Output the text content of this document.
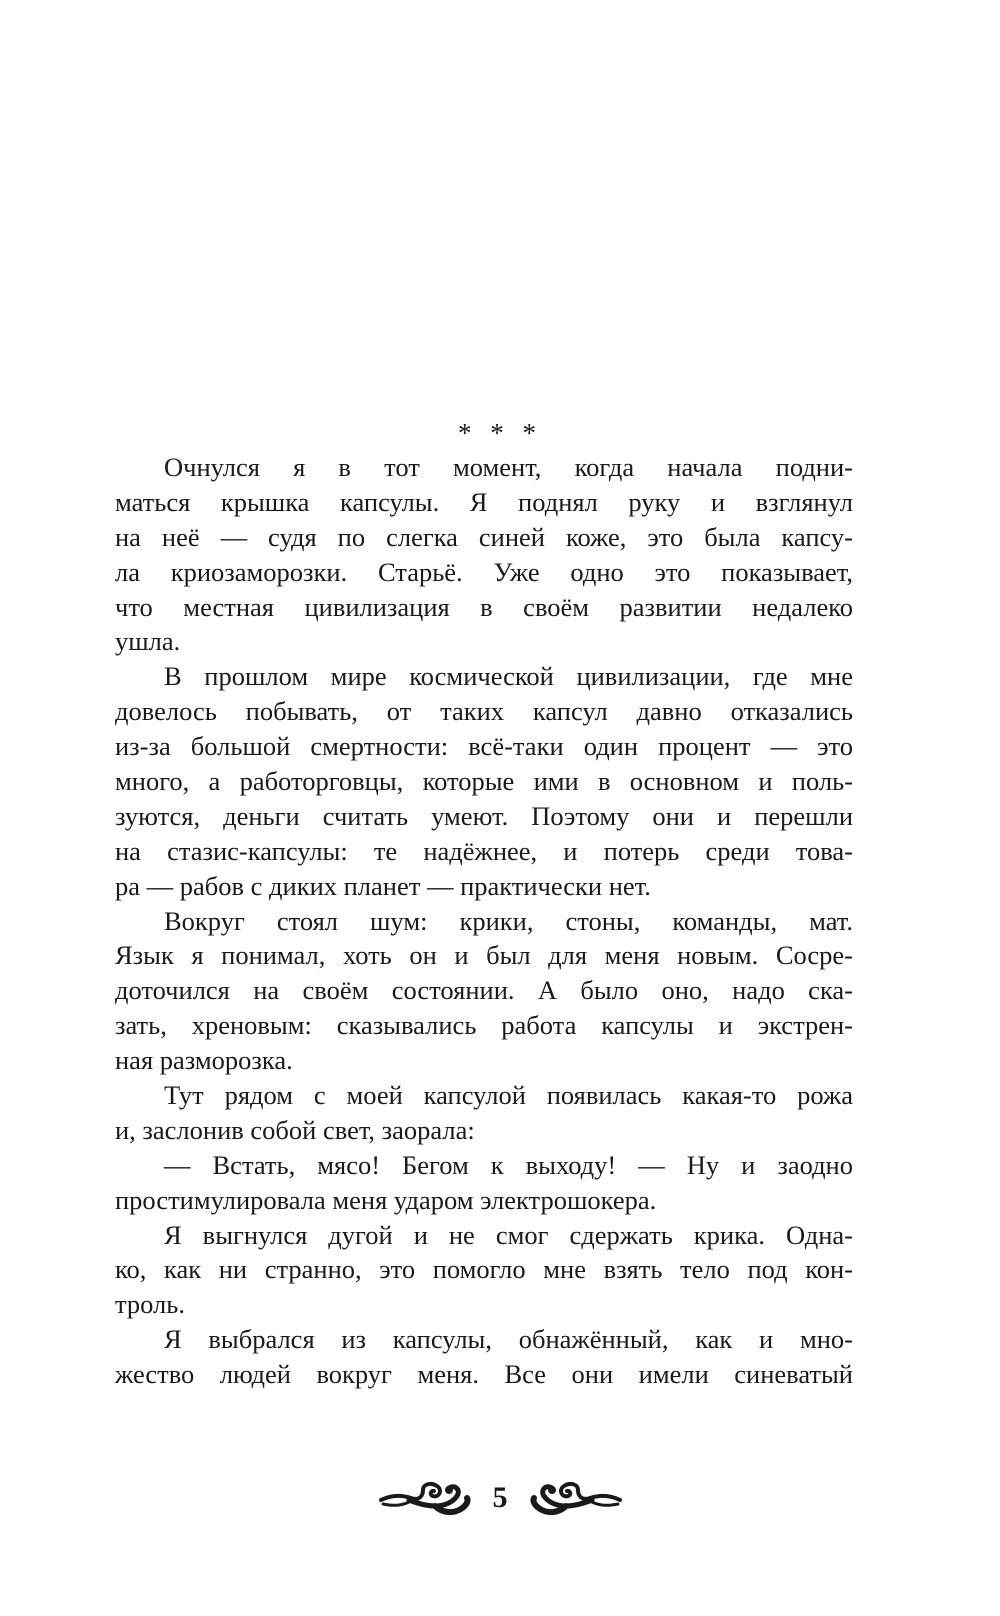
* * *
Очнулся я в тот момент, когда начала подни-
маться крышка капсулы. Я поднял руку и взглянул
на неё — судя по слегка синей коже, это была капсу-
ла криозаморозки. Старьё. Уже одно это показывает,
что местная цивилизация в своём развитии недалеко
ушла.
В прошлом мире космической цивилизации, где мне
довелось побывать, от таких капсул давно отказались
из-за большой смертности: всё-таки один процент — это
много, а работорговцы, которые ими в основном и поль-
зуются, деньги считать умеют. Поэтому они и перешли
на стазис-капсулы: те надёжнее, и потерь среди това-
ра — рабов с диких планет — практически нет.
Вокруг стоял шум: крики, стоны, команды, мат.
Язык я понимал, хоть он и был для меня новым. Сосре-
доточился на своём состоянии. А было оно, надо ска-
зать, хреновым: сказывались работа капсулы и экстрен-
ная разморозка.
Тут рядом с моей капсулой появилась какая-то рожа
и, заслонив собой свет, заорала:
— Встать, мясо! Бегом к выходу! — Ну и заодно
простимулировала меня ударом электрошокера.
Я выгнулся дугой и не смог сдержать крика. Одна-
ко, как ни странно, это помогло мне взять тело под кон-
троль.
Я выбрался из капсулы, обнажённый, как и мно-
жество людей вокруг меня. Все они имели синеватый
5
